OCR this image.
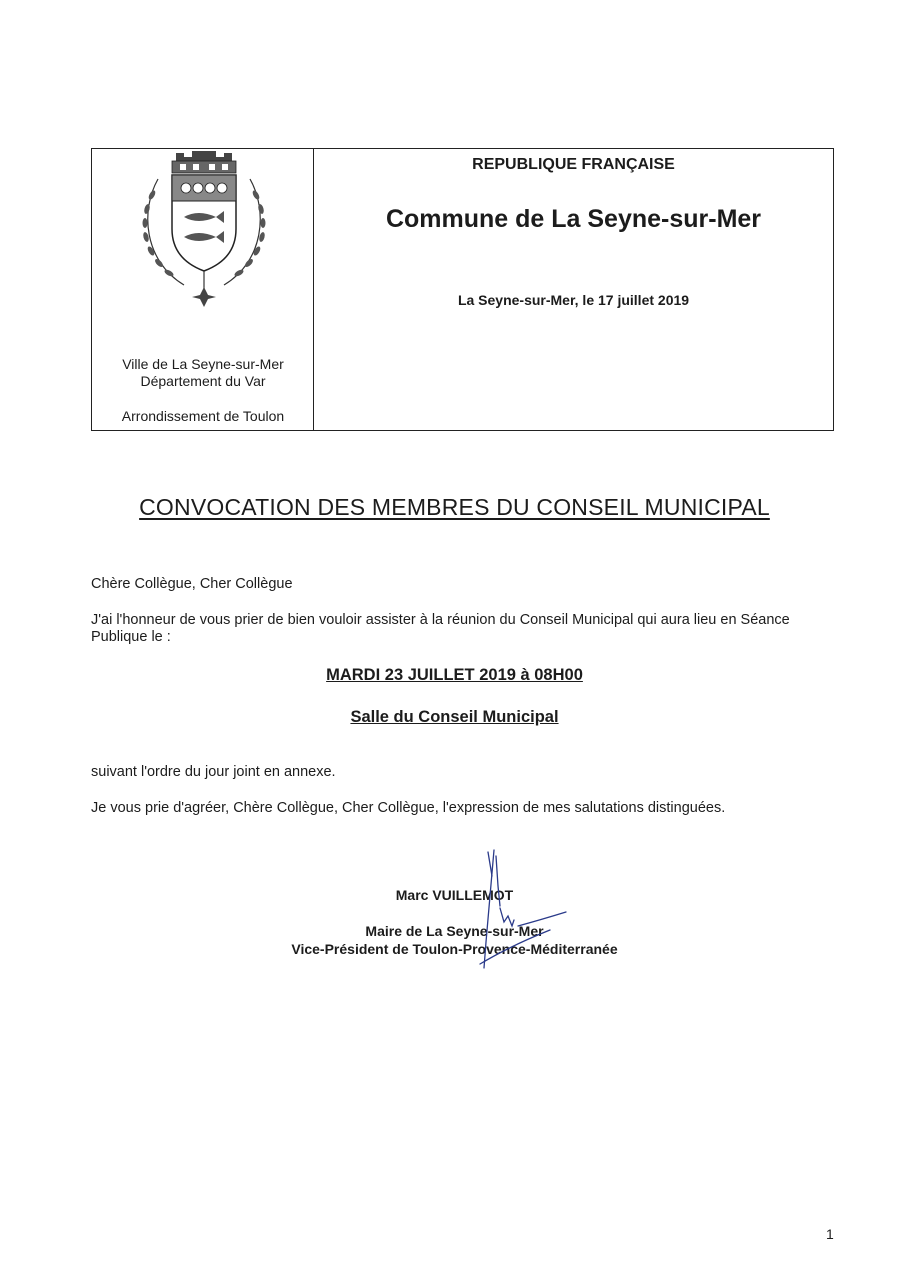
Ville de La Seyne-sur-Mer
Département du Var
Arrondissement de Toulon
REPUBLIQUE FRANÇAISE
Commune de La Seyne-sur-Mer
La Seyne-sur-Mer, le 17 juillet 2019
CONVOCATION DES MEMBRES DU CONSEIL MUNICIPAL
Chère Collègue, Cher Collègue
J'ai l'honneur de vous prier de bien vouloir assister à la réunion du Conseil Municipal qui aura lieu en Séance Publique le :
MARDI 23 JUILLET 2019 à 08H00
Salle du Conseil Municipal
suivant l'ordre du jour joint en annexe.
Je vous prie d'agréer, Chère Collègue, Cher Collègue, l'expression de mes salutations distinguées.
Marc VUILLEMOT
Maire de La Seyne-sur-Mer
Vice-Président de Toulon-Provence-Méditerranée
1
